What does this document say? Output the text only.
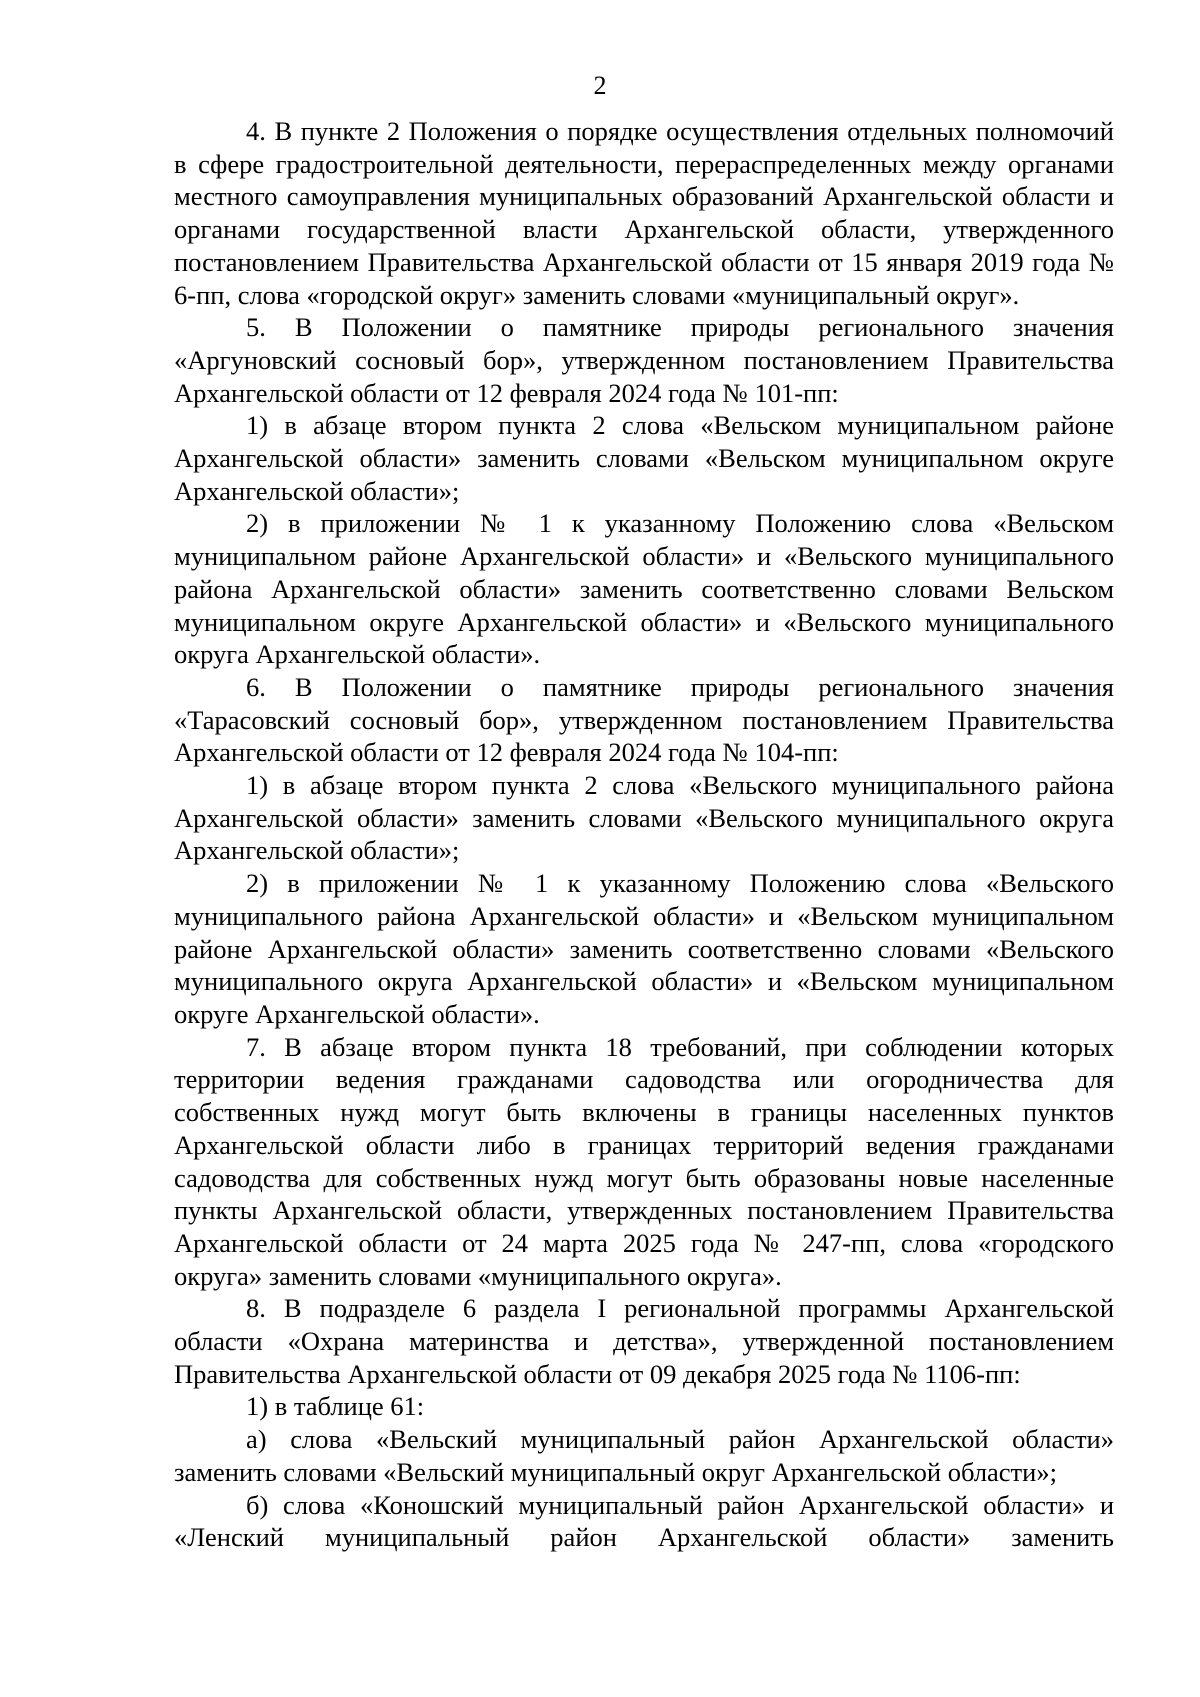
2

4. В пункте 2 Положения о порядке осуществления отдельных полномочий в сфере градостроительной деятельности, перераспределенных между органами местного самоуправления муниципальных образований Архангельской области и органами государственной власти Архангельской области, утвержденного постановлением Правительства Архангельской области от 15 января 2019 года № 6-пп, слова «городской округ» заменить словами «муниципальный округ».

5. В Положении о памятнике природы регионального значения «Аргуновский сосновый бор», утвержденном постановлением Правительства Архангельской области от 12 февраля 2024 года № 101-пп:

1) в абзаце втором пункта 2 слова «Вельском муниципальном районе Архангельской области» заменить словами «Вельском муниципальном округе Архангельской области»;

2) в приложении № 1 к указанному Положению слова «Вельском муниципальном районе Архангельской области» и «Вельского муниципального района Архангельской области» заменить соответственно словами Вельском муниципальном округе Архангельской области» и «Вельского муниципального округа Архангельской области».

6. В Положении о памятнике природы регионального значения «Тарасовский сосновый бор», утвержденном постановлением Правительства Архангельской области от 12 февраля 2024 года № 104-пп:

1) в абзаце втором пункта 2 слова «Вельского муниципального района Архангельской области» заменить словами «Вельского муниципального округа Архангельской области»;

2) в приложении № 1 к указанному Положению слова «Вельского муниципального района Архангельской области» и «Вельском муниципальном районе Архангельской области» заменить соответственно словами «Вельского муниципального округа Архангельской области» и «Вельском муниципальном округе Архангельской области».

7. В абзаце втором пункта 18 требований, при соблюдении которых территории ведения гражданами садоводства или огородничества для собственных нужд могут быть включены в границы населенных пунктов Архангельской области либо в границах территорий ведения гражданами садоводства для собственных нужд могут быть образованы новые населенные пункты Архангельской области, утвержденных постановлением Правительства Архангельской области от 24 марта 2025 года № 247-пп, слова «городского округа» заменить словами «муниципального округа».

8. В подразделе 6 раздела I региональной программы Архангельской области «Охрана материнства и детства», утвержденной постановлением Правительства Архангельской области от 09 декабря 2025 года № 1106-пп:

1) в таблице 61:

а) слова «Вельский муниципальный район Архангельской области» заменить словами «Вельский муниципальный округ Архангельской области»;

б) слова «Коношский муниципальный район Архангельской области» и «Ленский муниципальный район Архангельской области» заменить
